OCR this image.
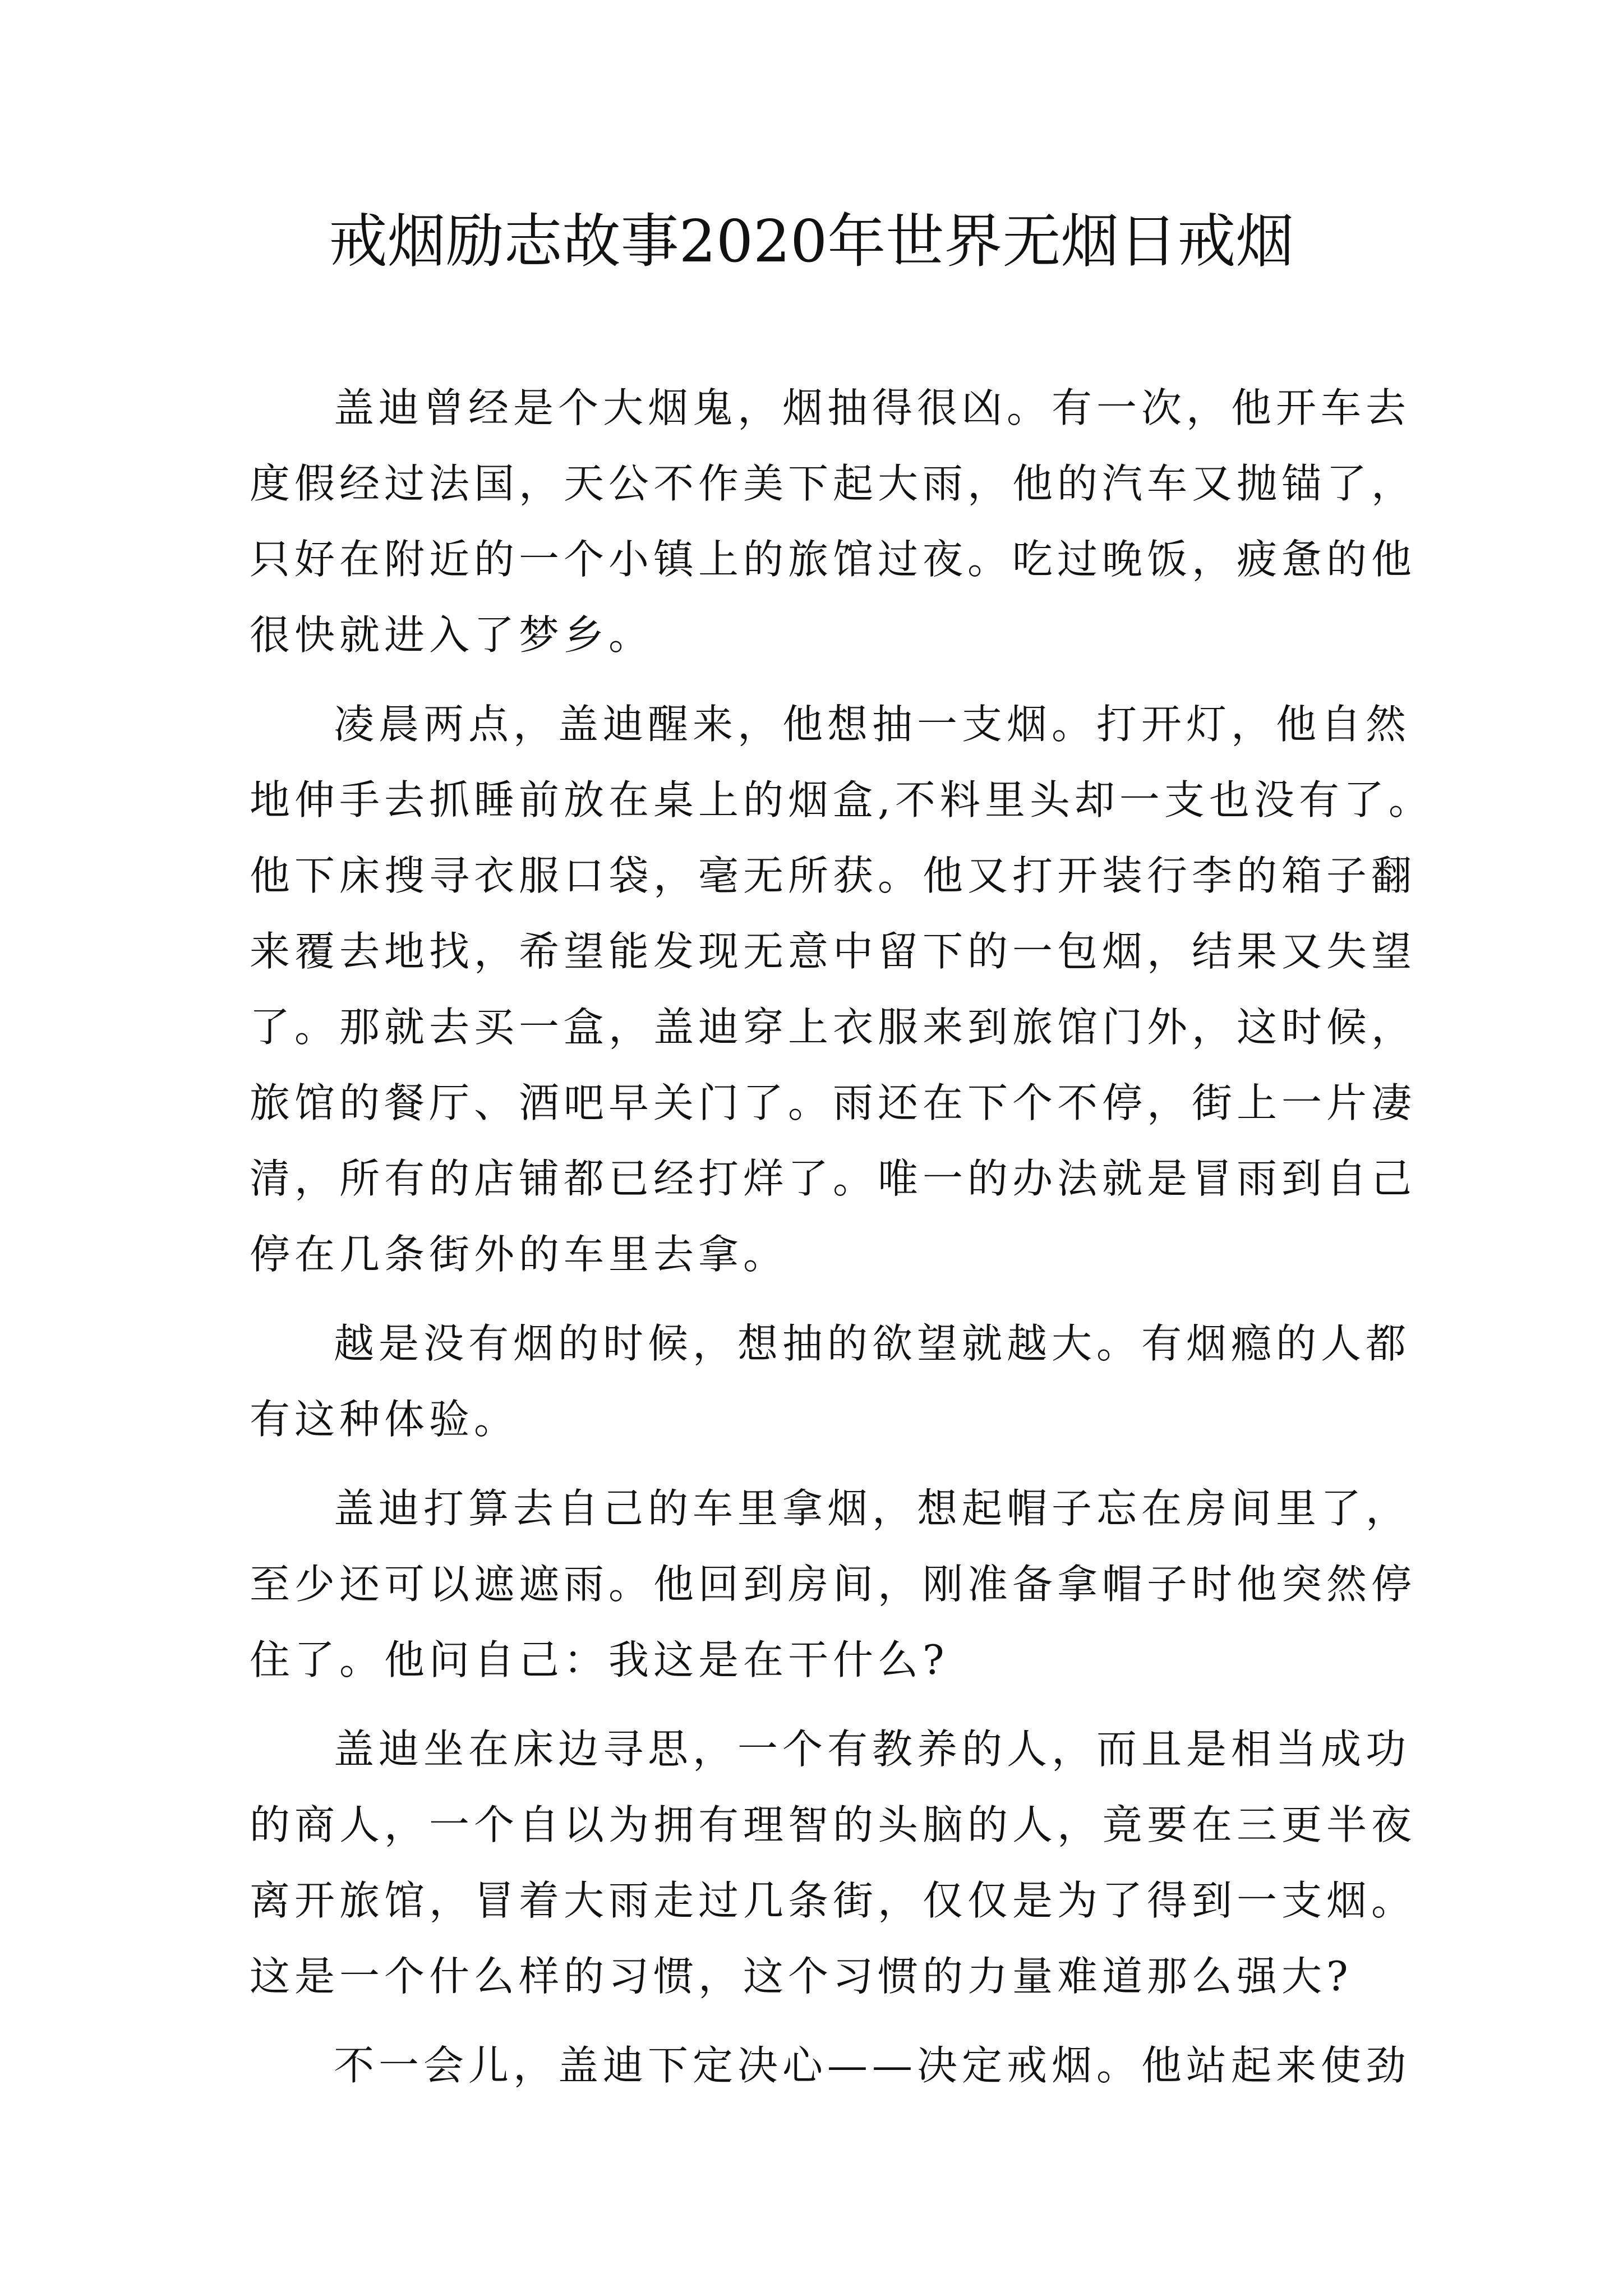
戒烟励志故事2020年世界无烟日戒烟

盖迪曾经是个大烟鬼，烟抽得很凶。有一次，他开车去
度假经过法国，天公不作美下起大雨，他的汽车又抛锚了，
只好在附近的一个小镇上的旅馆过夜。吃过晚饭，疲惫的他
很快就进入了梦乡。

凌晨两点，盖迪醒来，他想抽一支烟。打开灯，他自然
地伸手去抓睡前放在桌上的烟盒,不料里头却一支也没有了。
他下床搜寻衣服口袋，毫无所获。他又打开装行李的箱子翻
来覆去地找，希望能发现无意中留下的一包烟，结果又失望
了。那就去买一盒，盖迪穿上衣服来到旅馆门外，这时候，
旅馆的餐厅、酒吧早关门了。雨还在下个不停，街上一片凄
清，所有的店铺都已经打烊了。唯一的办法就是冒雨到自己
停在几条街外的车里去拿。

越是没有烟的时候，想抽的欲望就越大。有烟瘾的人都
有这种体验。

盖迪打算去自己的车里拿烟，想起帽子忘在房间里了，
至少还可以遮遮雨。他回到房间，刚准备拿帽子时他突然停
住了。他问自己：我这是在干什么?

盖迪坐在床边寻思，一个有教养的人，而且是相当成功
的商人，一个自以为拥有理智的头脑的人，竟要在三更半夜
离开旅馆，冒着大雨走过几条街，仅仅是为了得到一支烟。
这是一个什么样的习惯，这个习惯的力量难道那么强大?

不一会儿，盖迪下定决心——决定戒烟。他站起来使劲
